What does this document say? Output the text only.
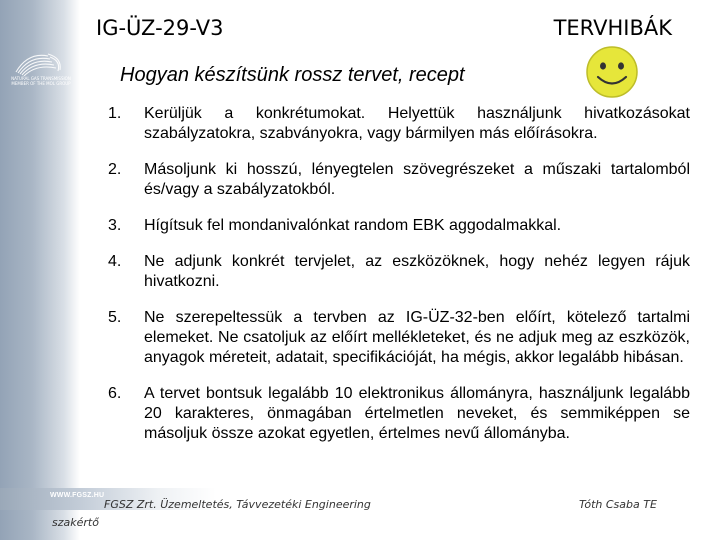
NATURAL GAS TRANSMISSION MEMBER OF THE MOL GROUP
WWW.FGSZ.HU
IG-ÜZ-29-V3	TERVHIBÁK
Hogyan készítsünk rossz tervet, recept
1.	Kerüljük a konkrétumokat. Helyettük használjunk hivatkozásokat szabályzatokra, szabványokra, vagy bármilyen más előírásokra.
2.	Másoljunk ki hosszú, lényegtelen szövegrészeket a műszaki tartalomból és/vagy a szabályzatokból.
3.	Hígítsuk fel mondanivalónkat random EBK aggodalmakkal.
4.	Ne adjunk konkrét tervjelet, az eszközöknek, hogy nehéz legyen rájuk hivatkozni.
5.	Ne szerepeltessük a tervben az IG-ÜZ-32-ben előírt, kötelező tartalmi elemeket. Ne csatoljuk az előírt mellékleteket, és ne adjuk meg az eszközök, anyagok méreteit, adatait, specifikációját, ha mégis, akkor legalább hibásan.
6.	A tervet bontsuk legalább 10 elektronikus állományra, használjunk legalább 20 karakteres, önmagában értelmetlen neveket, és semmiképpen se másoljuk össze azokat egyetlen, értelmes nevű állományba.
FGSZ Zrt. Üzemeltetés, Távvezetéki Engineering
szakértő
Tóth Csaba TE
